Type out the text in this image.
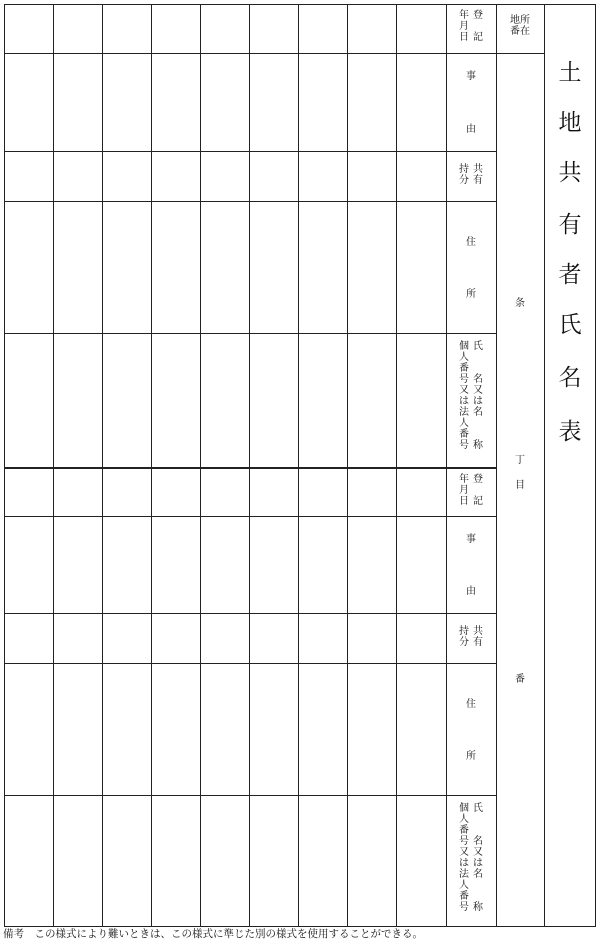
年
月
日
登

記
事
由
持
分
共
有
住
所
個
人
番
号
又
は
法
人
番
号
氏

名
又
は
名

称
年
月
日
登

記
事
由
持
分
共
有
住
所
個
人
番
号
又
は
法
人
番
号
氏

名
又
は
名

称
地所
番在
条
丁
目
番
土
地
共
有
者
氏
名
表
備考　この様式により難いときは、この様式に準じた別の様式を使用することができる。
